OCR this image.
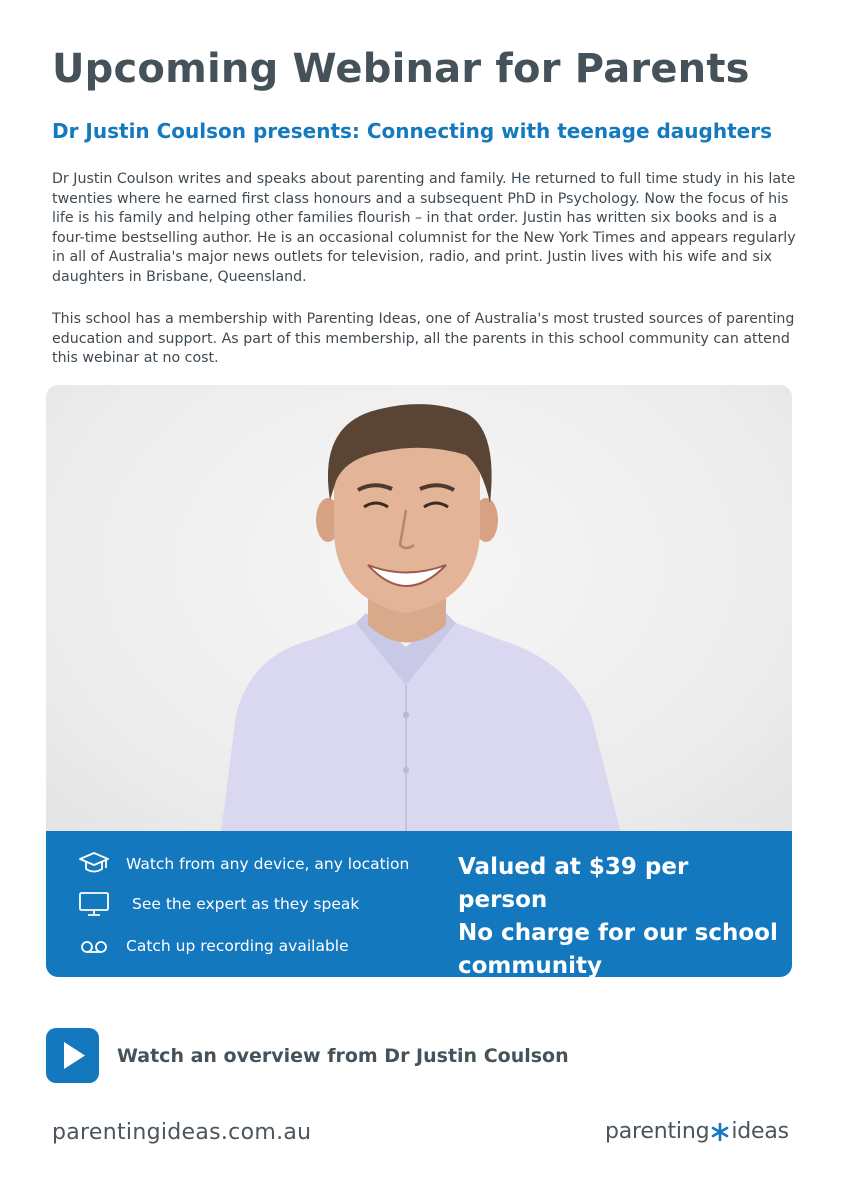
Upcoming Webinar for Parents
Dr Justin Coulson presents: Connecting with teenage daughters

Dr Justin Coulson writes and speaks about parenting and family. He returned to full time study in his late twenties where he earned first class honours and a subsequent PhD in Psychology. Now the focus of his life is his family and helping other families flourish – in that order. Justin has written six books and is a four-time bestselling author. He is an occasional columnist for the New York Times and appears regularly in all of Australia's major news outlets for television, radio, and print. Justin lives with his wife and six daughters in Brisbane, Queensland.

This school has a membership with Parenting Ideas, one of Australia's most trusted sources of parenting education and support. As part of this membership, all the parents in this school community can attend this webinar at no cost.

Watch from any device, any location
See the expert as they speak
Catch up recording available
Valued at $39 per person
No charge for our school
community
Watch an overview from Dr Justin Coulson
parentingideas.com.au	parenting ideas
